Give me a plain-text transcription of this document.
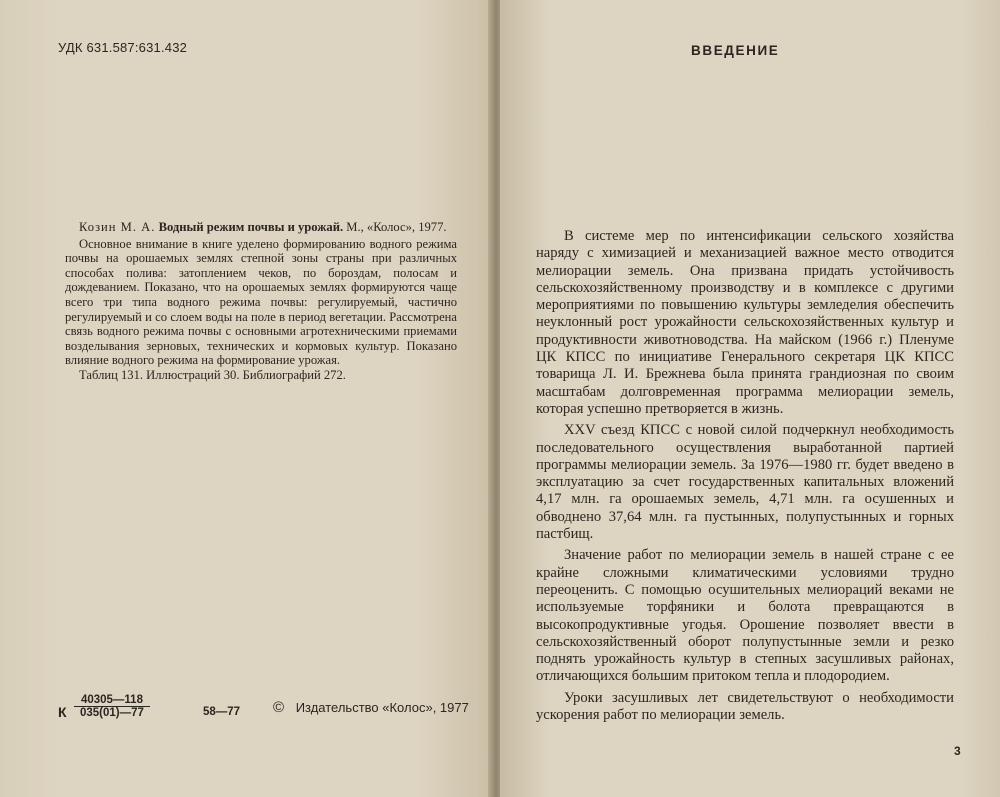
УДК 631.587:631.432

Козин М. А. Водный режим почвы и урожай. М., «Колос», 1977.

Основное внимание в книге уделено формированию водного режима почвы на орошаемых землях степной зоны страны при различных способах полива: затоплением чеков, по бороздам, полосам и дождеванием. Показано, что на орошаемых землях формируются чаще всего три типа водного режима почвы: регулируемый, частично регулируемый и со слоем воды на поле в период вегетации. Рассмотрена связь водного режима почвы с основными агротехническими приемами возделывания зерновых, технических и кормовых культур. Показано влияние водного режима на формирование урожая.

Таблиц 131. Иллюстраций 30. Библиографий 272.

К $\frac{40305—118}{035(01)—77}$	58—77 © Издательство «Колос», 1977
ВВЕДЕНИЕ

В системе мер по интенсификации сельского хозяйства наряду с химизацией и механизацией важное место отводится мелиорации земель. Она призвана придать устойчивость сельскохозяйственному производству и в комплексе с другими мероприятиями по повышению культуры земледелия обеспечить неуклонный рост урожайности сельскохозяйственных культур и продуктивности животноводства. На майском (1966 г.) Пленуме ЦК КПСС по инициативе Генерального секретаря ЦК КПСС товарища Л. И. Брежнева была принята грандиозная по своим масштабам долговременная программа мелиорации земель, которая успешно претворяется в жизнь.

XXV съезд КПСС с новой силой подчеркнул необходимость последовательного осуществления выработанной партией программы мелиорации земель. За 1976—1980 гг. будет введено в эксплуатацию за счет государственных капитальных вложений 4,17 млн. га орошаемых земель, 4,71 млн. га осушенных и обводнено 37,64 млн. га пустынных, полупустынных и горных пастбищ.

Значение работ по мелиорации земель в нашей стране с ее крайне сложными климатическими условиями трудно переоценить. С помощью осушительных мелиораций веками не используемые торфяники и болота превращаются в высокопродуктивные угодья. Орошение позволяет ввести в сельскохозяйственный оборот полупустынные земли и резко поднять урожайность культур в степных засушливых районах, отличающихся большим притоком тепла и плодородием.

Уроки засушливых лет свидетельствуют о необходимости ускорения работ по мелиорации земель.

3
